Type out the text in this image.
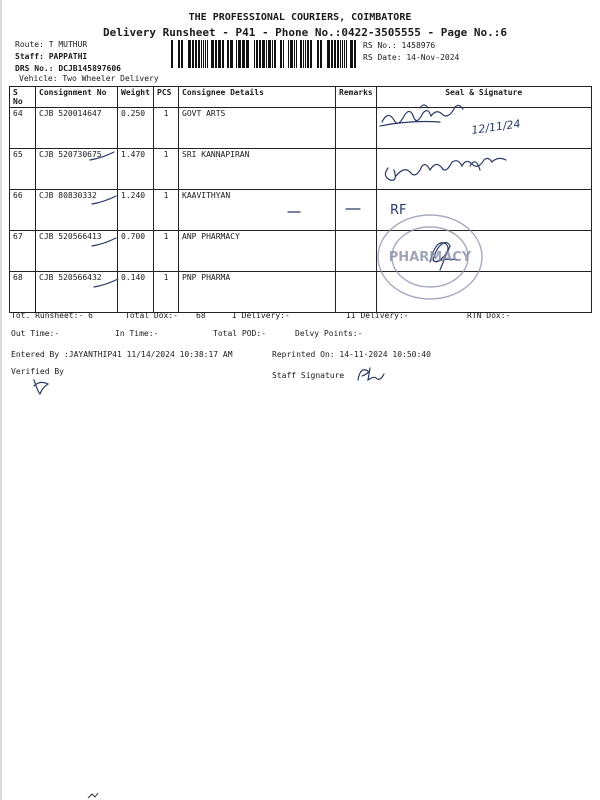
THE PROFESSIONAL COURIERS, COIMBATORE
Delivery Runsheet - P41 - Phone No.:0422-3505555 - Page No.:6
Route: T MUTHUR
Staff: PAPPATHI
DRS No.: DCJB145897606
Vehicle: Two Wheeler Delivery
RS No.: 1458976
RS Date: 14-Nov-2024
S No	Consignment No	Weight	PCS	Consignee Details	Remarks	Seal & Signature
64	CJB 520014647	0.250	1	GOVT ARTS		
65	CJB 520730675	1.470	1	SRI KANNAPIRAN		
66	CJB 80830332	1.240	1	KAAVITHYAN		
67	CJB 520566413	0.700	1	ANP PHARMACY		
68	CJB 520566432	0.140	1	PNP PHARMA		
12/11/24
RF
PHARMACY
Tot. Runsheet:- 6	Total Dox:- 68	I Delivery:-	II Delivery:-	RTN Dox:-
Out Time:-	In Time:-	Total POD:-	Delvy Points:-
Entered By :JAYANTHIP41 11/14/2024 10:38:17 AM	Reprinted On: 14-11-2024 10:50:40
Verified By	Staff Signature
